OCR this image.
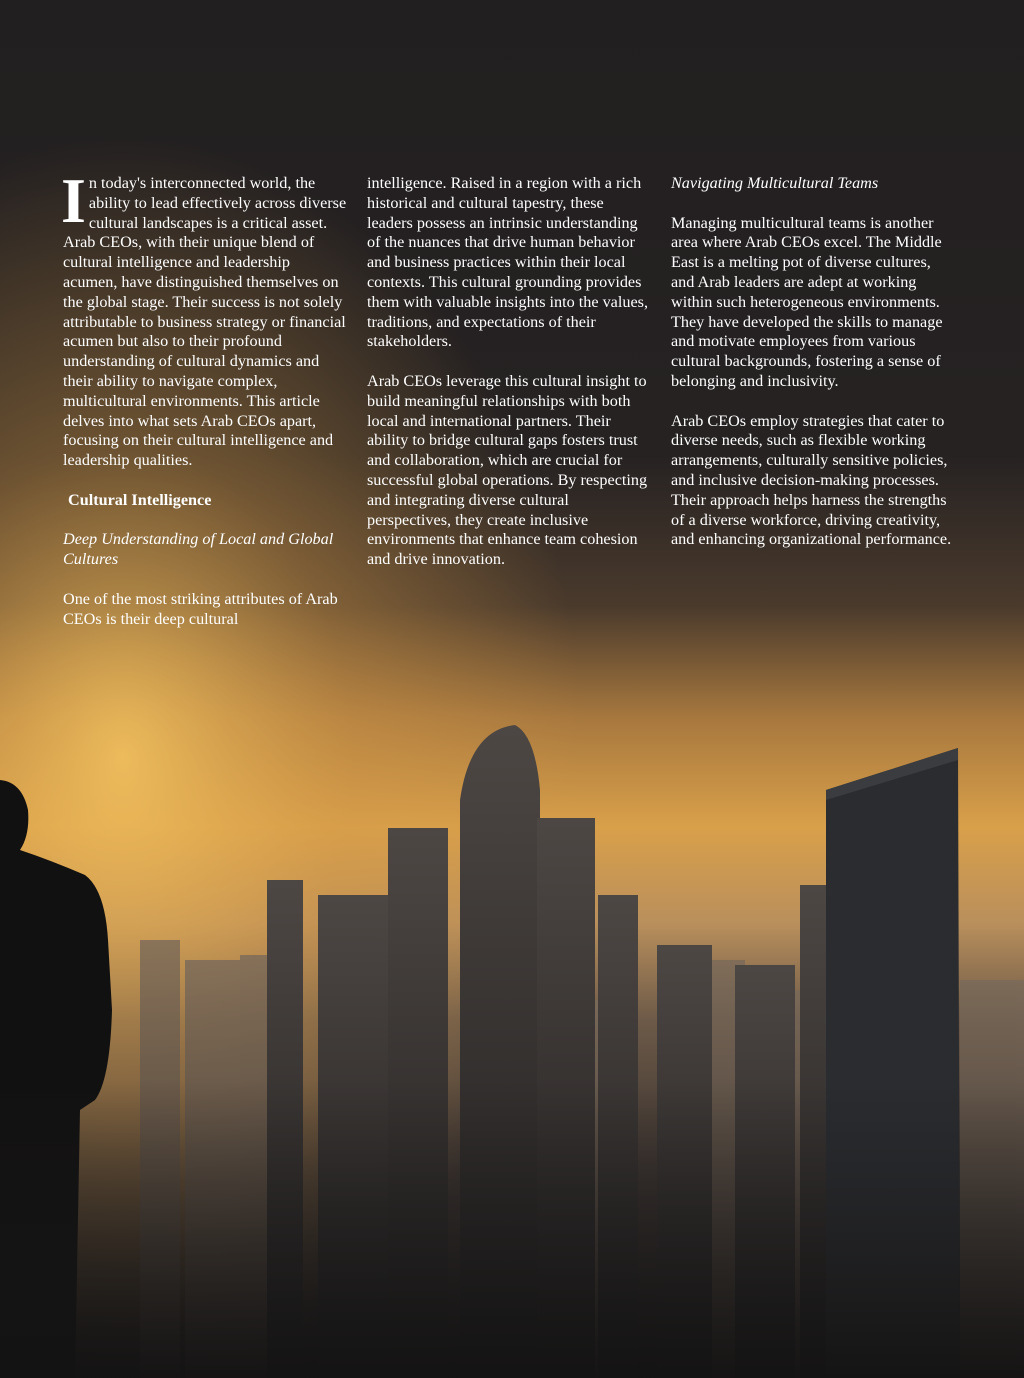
In today's interconnected world, the ability to lead effectively across diverse cultural landscapes is a critical asset. Arab CEOs, with their unique blend of cultural intelligence and leadership acumen, have distinguished themselves on the global stage. Their success is not solely attributable to business strategy or financial acumen but also to their profound understanding of cultural dynamics and their ability to navigate complex, multicultural environments. This article delves into what sets Arab CEOs apart, focusing on their cultural intelligence and leadership qualities.

Cultural Intelligence

Deep Understanding of Local and Global Cultures

One of the most striking attributes of Arab CEOs is their deep cultural

intelligence. Raised in a region with a rich historical and cultural tapestry, these leaders possess an intrinsic understanding of the nuances that drive human behavior and business practices within their local contexts. This cultural grounding provides them with valuable insights into the values, traditions, and expectations of their stakeholders.

Arab CEOs leverage this cultural insight to build meaningful relationships with both local and international partners. Their ability to bridge cultural gaps fosters trust and collaboration, which are crucial for successful global operations. By respecting and integrating diverse cultural perspectives, they create inclusive environments that enhance team cohesion and drive innovation.

Navigating Multicultural Teams

Managing multicultural teams is another area where Arab CEOs excel. The Middle East is a melting pot of diverse cultures, and Arab leaders are adept at working within such heterogeneous environments. They have developed the skills to manage and motivate employees from various cultural backgrounds, fostering a sense of belonging and inclusivity.

Arab CEOs employ strategies that cater to diverse needs, such as flexible working arrangements, culturally sensitive policies, and inclusive decision-making processes. Their approach helps harness the strengths of a diverse workforce, driving creativity, and enhancing organizational performance.
